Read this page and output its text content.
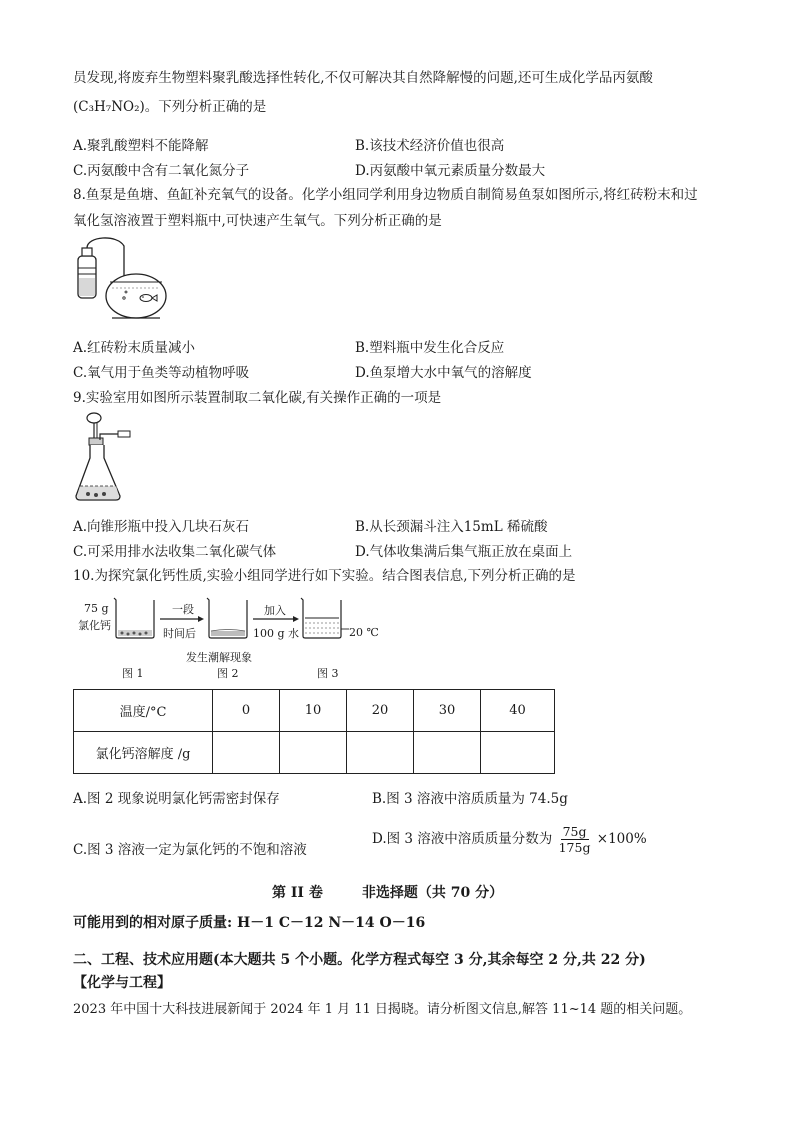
员发现,将废弃生物塑料聚乳酸选择性转化,不仅可解决其自然降解慢的问题,还可生成化学品丙氨酸
(C₃H₇NO₂)。下列分析正确的是
A.聚乳酸塑料不能降解	B.该技术经济价值也很高
C.丙氨酸中含有二氧化氮分子	D.丙氨酸中氧元素质量分数最大
8.鱼泵是鱼塘、鱼缸补充氧气的设备。化学小组同学利用身边物质自制简易鱼泵如图所示,将红砖粉末和过
氧化氢溶液置于塑料瓶中,可快速产生氧气。下列分析正确的是
A.红砖粉末质量减小	B.塑料瓶中发生化合反应
C.氧气用于鱼类等动植物呼吸	D.鱼泵增大水中氧气的溶解度
9.实验室用如图所示装置制取二氧化碳,有关操作正确的一项是
A.向锥形瓶中投入几块石灰石	B.从长颈漏斗注入15mL 稀硫酸
C.可采用排水法收集二氧化碳气体	D.气体收集满后集气瓶正放在桌面上
10.为探究氯化钙性质,实验小组同学进行如下实验。结合图表信息,下列分析正确的是
75 g
氯化钙
一段
时间后
加入
100 g 水	20 ℃
发生潮解现象
图 1	图 2	图 3
温度/°C	0	10	20	30	40
氯化钙溶解度 /g					
A.图 2 现象说明氯化钙需密封保存	B.图 3 溶液中溶质质量为 74.5g
C.图 3 溶液一定为氯化钙的不饱和溶液
D.图 3 溶液中溶质质量分数为 $\frac{75g}{175g} \times 100\%$
第 II 卷        非选择题（共 70 分）
可能用到的相对原子质量: H－1 C－12 N－14 O－16
二、工程、技术应用题(本大题共 5 个小题。化学方程式每空 3 分,其余每空 2 分,共 22 分)
【化学与工程】
2023 年中国十大科技进展新闻于 2024 年 1 月 11 日揭晓。请分析图文信息,解答 11~14 题的相关问题。
